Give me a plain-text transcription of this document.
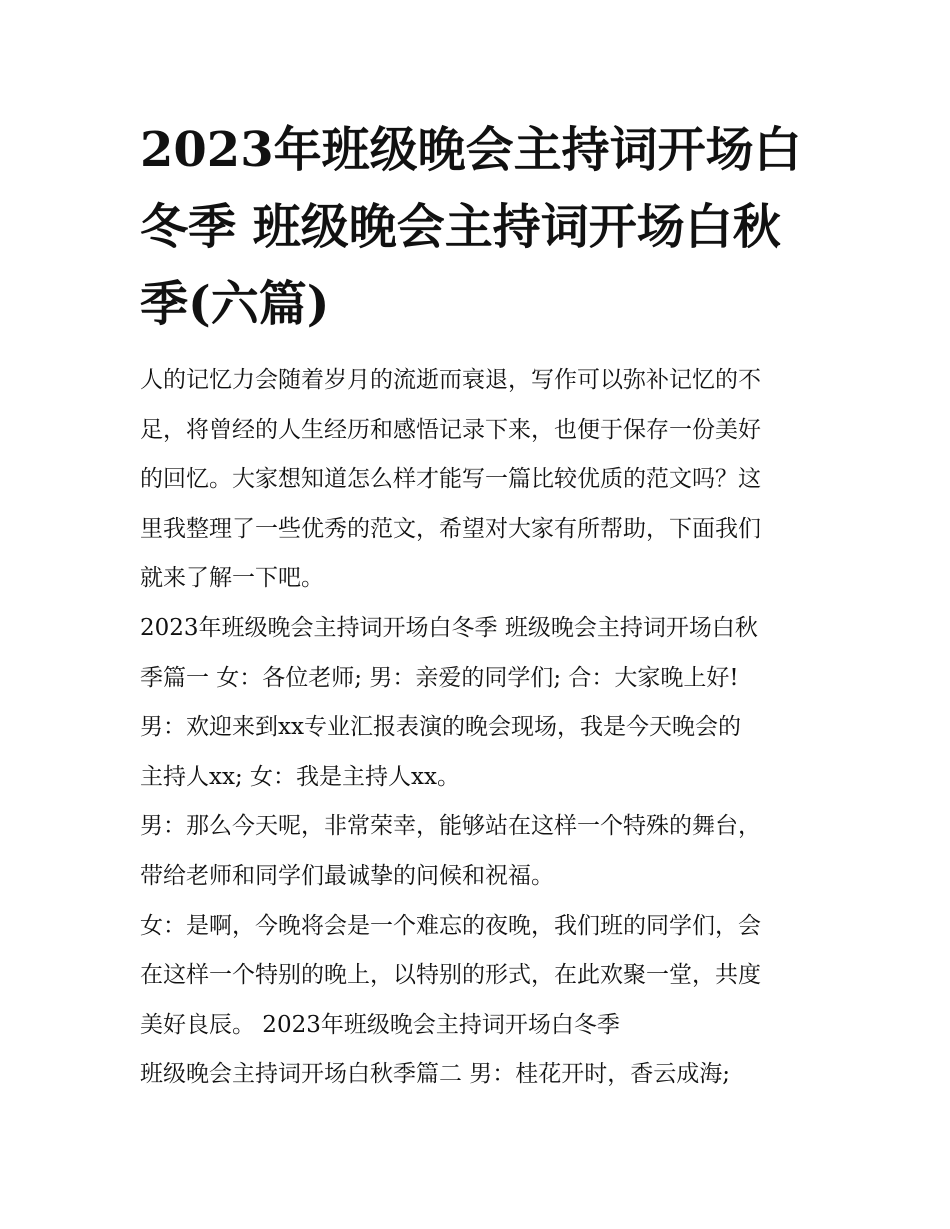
2023年班级晚会主持词开场白
冬季 班级晚会主持词开场白秋
季(六篇)
人的记忆力会随着岁月的流逝而衰退，写作可以弥补记忆的不
足，将曾经的人生经历和感悟记录下来，也便于保存一份美好
的回忆。大家想知道怎么样才能写一篇比较优质的范文吗？这
里我整理了一些优秀的范文，希望对大家有所帮助，下面我们
就来了解一下吧。
2023年班级晚会主持词开场白冬季 班级晚会主持词开场白秋
季篇一 女：各位老师; 男：亲爱的同学们; 合：大家晚上好!
男：欢迎来到xx专业汇报表演的晚会现场，我是今天晚会的
主持人xx; 女：我是主持人xx。
男：那么今天呢，非常荣幸，能够站在这样一个特殊的舞台，
带给老师和同学们最诚挚的问候和祝福。
女：是啊，今晚将会是一个难忘的夜晚，我们班的同学们，会
在这样一个特别的晚上，以特别的形式，在此欢聚一堂，共度
美好良辰。 2023年班级晚会主持词开场白冬季
班级晚会主持词开场白秋季篇二 男：桂花开时，香云成海;
